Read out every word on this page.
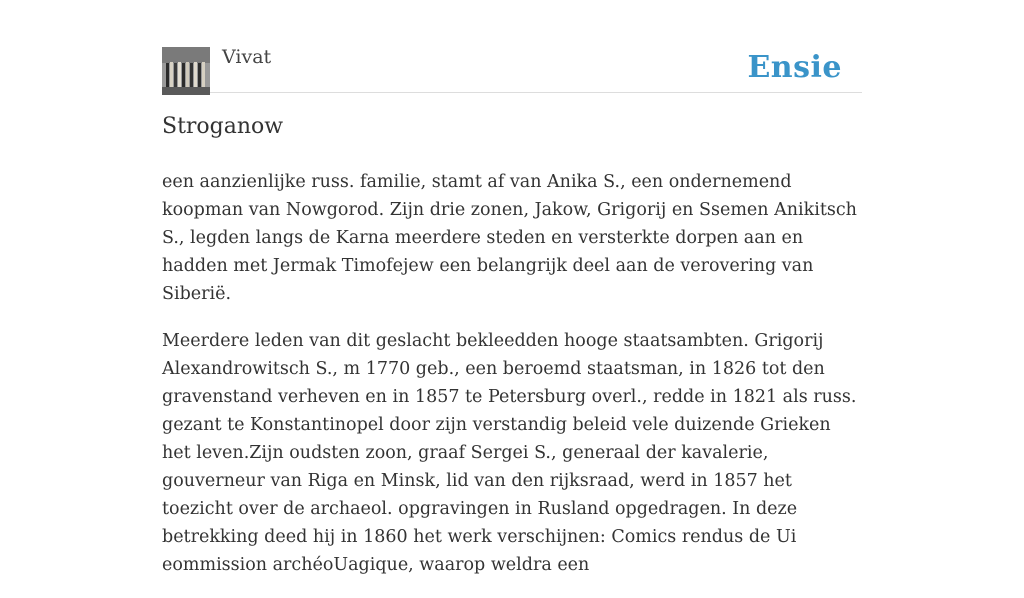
Vivat	Ensie
Stroganow

een aanzienlijke russ. familie, stamt af van Anika S., een ondernemend koopman van Nowgorod. Zijn drie zonen, Jakow, Grigorij en Ssemen Anikitsch S., legden langs de Karna meerdere steden en versterkte dorpen aan en hadden met Jermak Timofejew een belangrijk deel aan de verovering van Siberië.

Meerdere leden van dit geslacht bekleedden hooge staatsambten. Grigorij Alexandrowitsch S., m 1770 geb., een beroemd staatsman, in 1826 tot den gravenstand verheven en in 1857 te Petersburg overl., redde in 1821 als russ. gezant te Konstantinopel door zijn verstandig beleid vele duizende Grieken het leven.Zijn oudsten zoon, graaf Sergei S., generaal der kavalerie, gouverneur van Riga en Minsk, lid van den rijksraad, werd in 1857 het toezicht over de archaeol. opgravingen in Rusland opgedragen. In deze betrekking deed hij in 1860 het werk verschijnen: Comics rendus de Ui eommission archéoUagique, waarop weldra een
